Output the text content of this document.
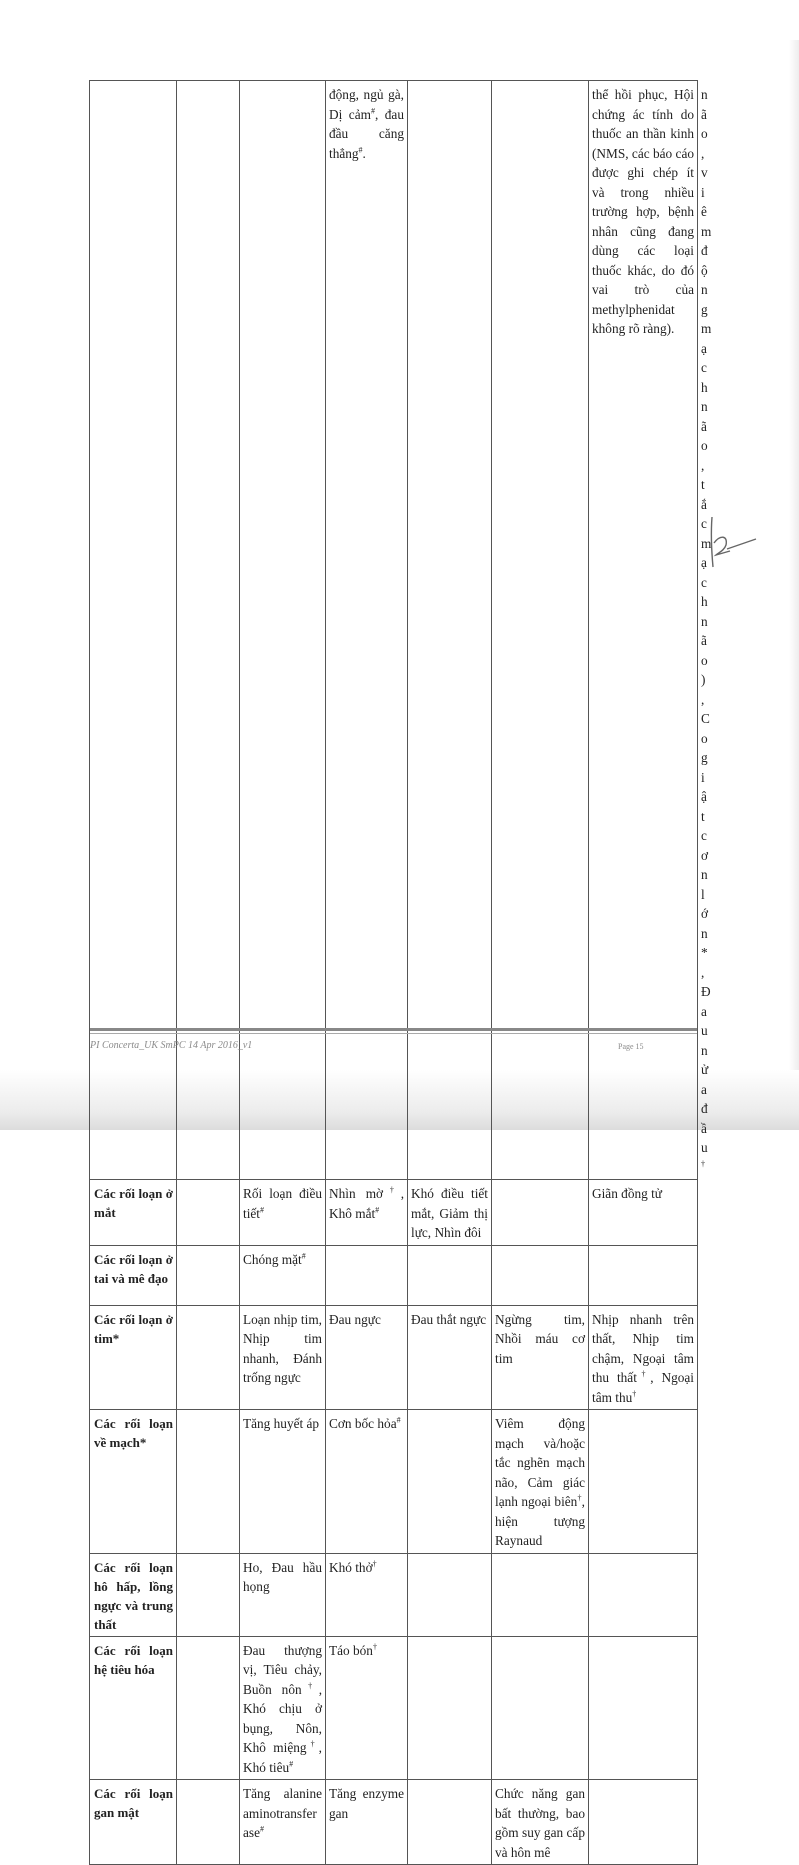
			động, ngủ gà, Dị cảm#, đau đầu căng thẳng#.			thể hồi phục, Hội chứng ác tính do thuốc an thần kinh (NMS, các báo cáo được ghi chép ít và trong nhiều trường hợp, bệnh nhân cũng đang dùng các loại thuốc khác, do đó vai trò của methylphenidat không rõ ràng).	não, viêm động mạch não, tắc mạch não), Co giật cơn lớn*, Đau n u†
Các rối loạn ở mắt		Rối loạn điều tiết#	Nhìn mờ†, Khô mắt#	Khó điều tiết mắt, Giảm thị lực, Nhìn đôi		Giãn đồng tử	
Các rối loạn ở tai và mê đạo		Chóng mặt#				
Các rối loạn ở tim*		Loạn nhịp tim, Nhịp tim nhanh, Đánh trống ngực	Đau ngực	Đau thắt ngực	Ngừng tim, Nhồi máu cơ tim	Nhịp nhanh trên thất, Nhịp tim chậm, Ngoại tâm thu thất†, Ngoại tâm thu†
Các rối loạn về mạch*		Tăng huyết áp	Cơn bốc hỏa#		Viêm động mạch và/hoặc tắc nghẽn mạch não, Cảm giác lạnh ngoại biên†, hiện tượng Raynaud		
Các rối loạn hô hấp, lồng ngực và trung thất		Ho, Đau hầu họng	Khó thở†			
Các rối loạn hệ tiêu hóa		Đau thượng vị, Tiêu chảy, Buồn nôn†, Khó chịu ở bụng, Nôn, Khô miệng†, Khó tiêu#	Táo bón†			
Các rối loạn gan mật		Tăng alanine aminotransfer ase#	Tăng enzyme gan		Chức năng gan bất thường, bao gồm suy gan cấp và hôn mê		
PI Concerta_UK SmPC 14 Apr 2016_v1	Page 15
